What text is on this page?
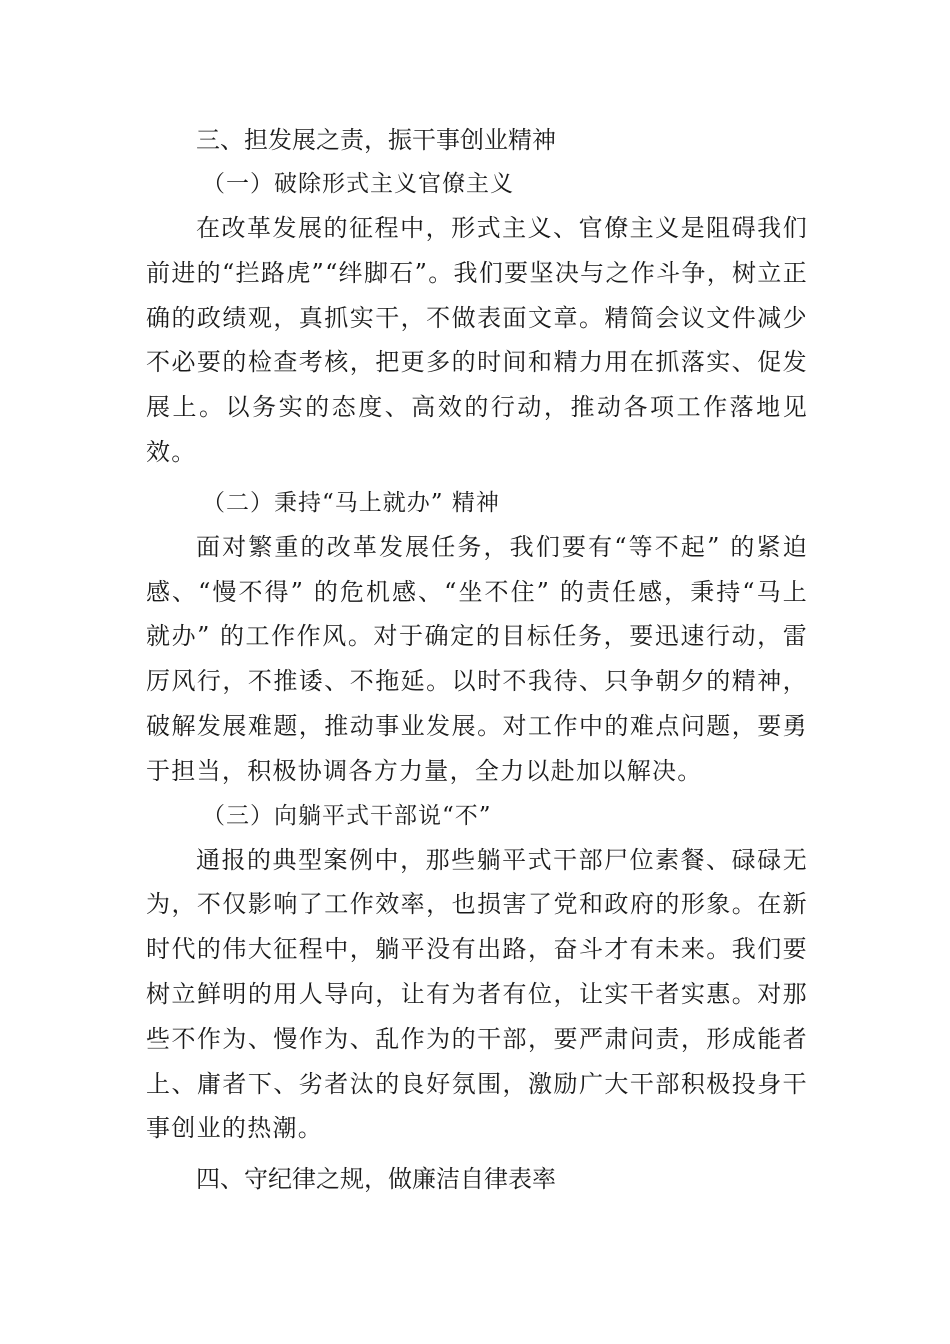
三、担发展之责，振干事创业精神
（一）破除形式主义官僚主义

在改革发展的征程中，形式主义、官僚主义是阻碍我们前进的“拦路虎”“绊脚石”。我们要坚决与之作斗争，树立正确的政绩观，真抓实干，不做表面文章。精简会议文件减少不必要的检查考核，把更多的时间和精力用在抓落实、促发展上。以务实的态度、高效的行动，推动各项工作落地见效。

（二）秉持“马上就办” 精神

面对繁重的改革发展任务，我们要有“等不起” 的紧迫感、“慢不得” 的危机感、“坐不住” 的责任感，秉持“马上就办” 的工作作风。对于确定的目标任务，要迅速行动，雷厉风行，不推诿、不拖延。以时不我待、只争朝夕的精神，破解发展难题，推动事业发展。对工作中的难点问题，要勇于担当，积极协调各方力量，全力以赴加以解决。

（三）向躺平式干部说“不”

通报的典型案例中，那些躺平式干部尸位素餐、碌碌无为，不仅影响了工作效率，也损害了党和政府的形象。在新时代的伟大征程中，躺平没有出路，奋斗才有未来。我们要树立鲜明的用人导向，让有为者有位，让实干者实惠。对那些不作为、慢作为、乱作为的干部，要严肃问责，形成能者上、庸者下、劣者汰的良好氛围，激励广大干部积极投身干事创业的热潮。

四、守纪律之规，做廉洁自律表率
